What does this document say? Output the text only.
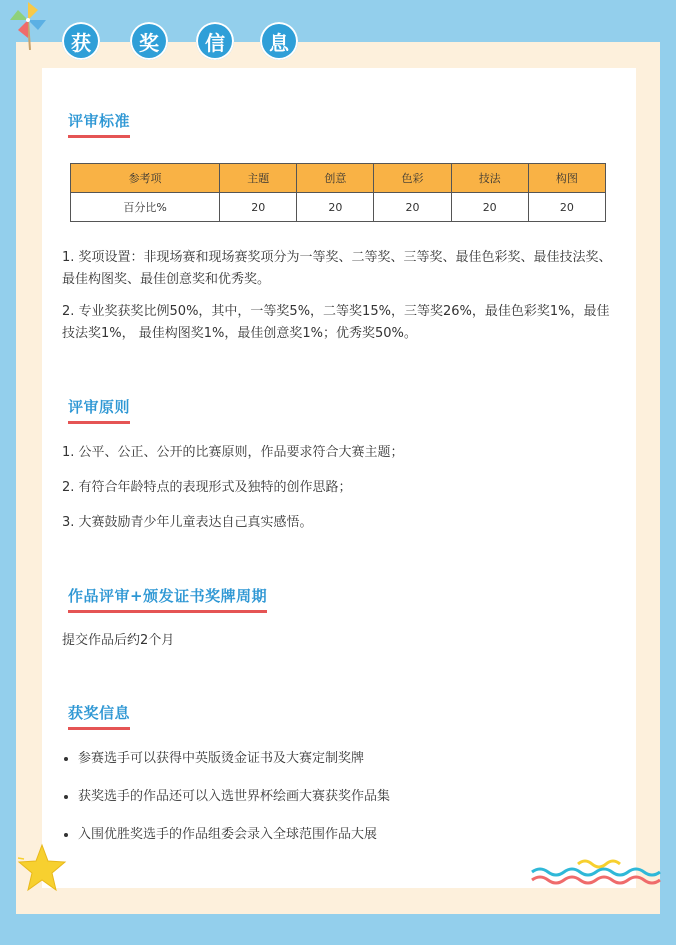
获	奖	信	息
评审标准
参考项	主题	创意	色彩	技法	构图
百分比%	20	20	20	20	20
1. 奖项设置：非现场赛和现场赛奖项分为一等奖、二等奖、三等奖、最佳色彩奖、最佳技法奖、最佳构图奖、最佳创意奖和优秀奖。
2. 专业奖获奖比例50%，其中，一等奖5%，二等奖15%，三等奖26%，最佳色彩奖1%，最佳技法奖1%， 最佳构图奖1%，最佳创意奖1%；优秀奖50%。
评审原则
1. 公平、公正、公开的比赛原则，作品要求符合大赛主题；
2. 有符合年龄特点的表现形式及独特的创作思路；
3. 大赛鼓励青少年儿童表达自己真实感悟。
作品评审+颁发证书奖牌周期
提交作品后约2个月
获奖信息
• 参赛选手可以获得中英版烫金证书及大赛定制奖牌
• 获奖选手的作品还可以入选世界杯绘画大赛获奖作品集
• 入围优胜奖选手的作品组委会录入全球范围作品大展
